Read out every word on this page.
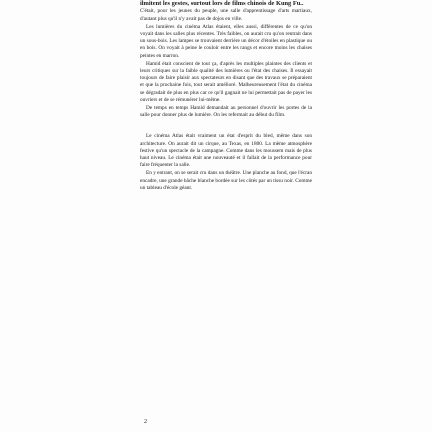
ilmitent les gestes, surtout lors de films chinois de Kung Fu..

C'était, pour les jeunes du peuple, une salle d'apprentissage d'arts martiaux, d'autant plus qu'il n'y avait pas de dojos en ville.

Les lumières du cinéma Atlas étaient, elles aussi, différentes de ce qu'on voyait dans les salles plus récentes. Très faibles, on aurait cru qu'on rentrait dans un sous-bois. Les lampes se trouvaient derrière un décor d'étoiles en plastique ou en bois. On voyait à peine le couloir entre les rangs et encore moins les chaises peintes en marron.

Hamid était conscient de tout ça, d'après les multiples plaintes des clients et leurs critiques sur la faible qualité des lumières ou l'état des chaises. Il essayait toujours de faire plaisir aux spectateurs en disant que des travaux se préparaient et que la prochaine fois, tout serait amélioré. Malheureusement l'état du cinéma se dégradait de plus en plus car ce qu'il gagnait ne lui permettait pas de payer les ouvriers et de se rémunérer lui-même.

De temps en temps Hamid demandait au personnel d'ouvrir les portes de la salle pour donner plus de lumière. On les refermait au début du film.

Le cinéma Atlas était vraiment un état d'esprit du bled, même dans son architecture. On aurait dit un cirque, au Texas, en 1800. La même atmosphère festive qu'un spectacle de la campagne. Comme dans les moussem mais de plus haut niveau. Le cinéma était une nouveauté et il fallait de la performance pour faire fréquenter la salle.

En y entrant, on se serait cru dans un théâtre. Une planche au fond, que l'écran encadre, une grande bâche blanche bordée sur les côtés par un tissu noir. Comme un tableau d'école géant.

2
